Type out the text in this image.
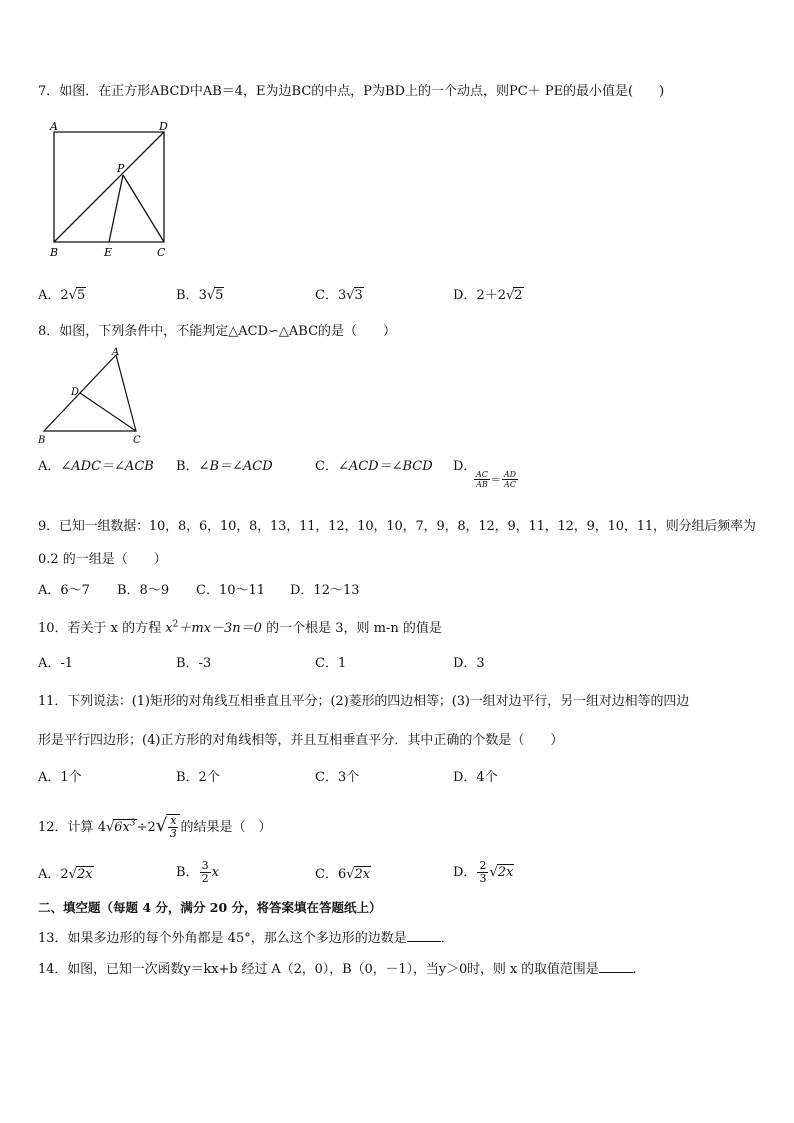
7．如图．在正方形ABCD中AB＝4，E为边BC的中点，P为BD上的一个动点，则PC＋ PE的最小值是(　　)
A	D
P
B	E	C
A．2√5	B．3√5	C．3√3	D．2＋2√2
8．如图，下列条件中，不能判定△ACD∽△ABC的是（　　）
A
D
B	C
A．∠ADC＝∠ACB B．∠B＝∠ACD	C．∠ACD＝∠BCD D．
$\frac{AC}{AB} = \frac{AD}{AC}$
9．已知一组数据：10，8，6，10，8，13，11，12，10，10，7，9，8，12，9，11，12，9，10，11，则分组后频率为
0.2 的一组是（　　）
A．6～7 B．8～9 C．10～11 D．12～13
10．若关于 x 的方程 $x^2+mx-3n=0$ 的一个根是 3，则 m-n 的值是
A．-1	B．-3	C．1	D．3
11．下列说法：(1)矩形的对角线互相垂直且平分；(2)菱形的四边相等；(3)一组对边平行，另一组对边相等的四边
形是平行四边形；(4)正方形的对角线相等，并且互相垂直平分．其中正确的个数是（　　）
A．1个	B．2个	C．3个	D．4个
12．计算 $4√6x^3\div 2√ \frac{x}{3}$ 的结果是（　）
A．2√2x	B． $\frac{3}{2}$ x	C．6√2x	D． $\frac{2}{3} √2x$
二、填空题（每题 4 分，满分 20 分，将答案填在答题纸上）
13．如果多边形的每个外角都是 45°，那么这个多边形的边数是	．
14．如图，已知一次函数y＝kx+b 经过 A（2，0），B（0，－1），当y＞0时，则 x 的取值范围是	．
